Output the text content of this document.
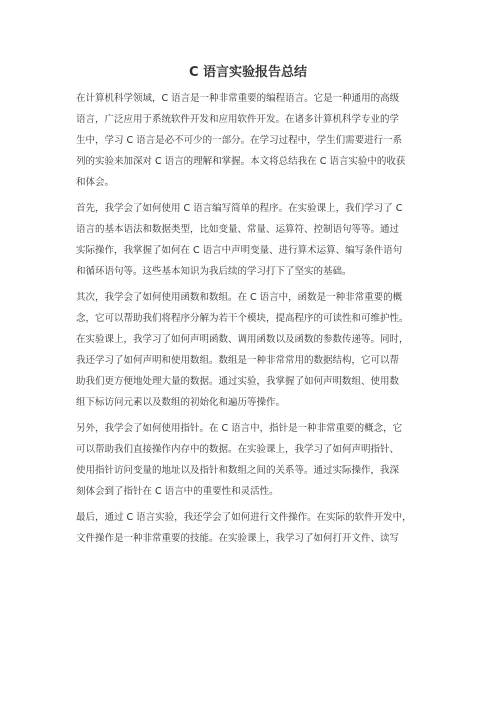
C 语言实验报告总结
在计算机科学领域，C 语言是一种非常重要的编程语言。它是一种通用的高级
语言，广泛应用于系统软件开发和应用软件开发。在诸多计算机科学专业的学
生中，学习 C 语言是必不可少的一部分。在学习过程中，学生们需要进行一系
列的实验来加深对 C 语言的理解和掌握。本文将总结我在 C 语言实验中的收获
和体会。
首先，我学会了如何使用 C 语言编写简单的程序。在实验课上，我们学习了 C
语言的基本语法和数据类型，比如变量、常量、运算符、控制语句等等。通过
实际操作，我掌握了如何在 C 语言中声明变量、进行算术运算、编写条件语句
和循环语句等。这些基本知识为我后续的学习打下了坚实的基础。
其次，我学会了如何使用函数和数组。在 C 语言中，函数是一种非常重要的概
念，它可以帮助我们将程序分解为若干个模块，提高程序的可读性和可维护性。
在实验课上，我学习了如何声明函数、调用函数以及函数的参数传递等。同时，
我还学习了如何声明和使用数组。数组是一种非常常用的数据结构，它可以帮
助我们更方便地处理大量的数据。通过实验，我掌握了如何声明数组、使用数
组下标访问元素以及数组的初始化和遍历等操作。
另外，我学会了如何使用指针。在 C 语言中，指针是一种非常重要的概念，它
可以帮助我们直接操作内存中的数据。在实验课上，我学习了如何声明指针、
使用指针访问变量的地址以及指针和数组之间的关系等。通过实际操作，我深
刻体会到了指针在 C 语言中的重要性和灵活性。
最后，通过 C 语言实验，我还学会了如何进行文件操作。在实际的软件开发中，
文件操作是一种非常重要的技能。在实验课上，我学习了如何打开文件、读写
